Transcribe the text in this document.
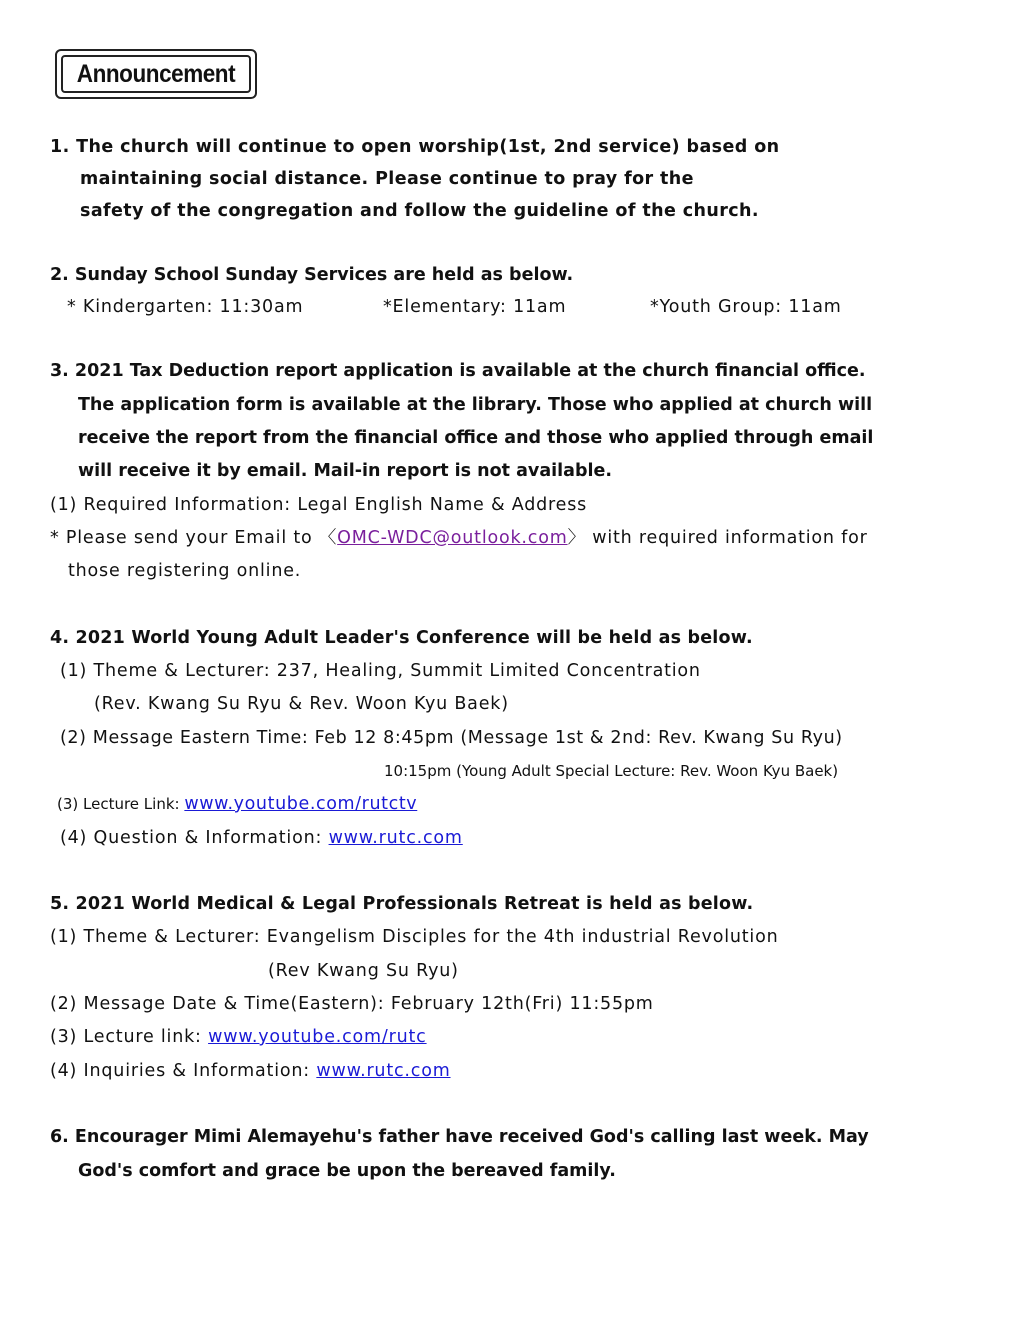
Announcement
1. The church will continue to open worship(1st, 2nd service) based on
maintaining social distance. Please continue to pray for the
safety of the congregation and follow the guideline of the church.
2. Sunday School Sunday Services are held as below.
* Kindergarten: 11:30am	*Elementary: 11am	*Youth Group: 11am
3. 2021 Tax Deduction report application is available at the church financial office.
The application form is available at the library. Those who applied at church will
receive the report from the financial office and those who applied through email
will receive it by email. Mail-in report is not available.
(1) Required Information: Legal English Name & Address
* Please send your Email to 〈OMC-WDC@outlook.com〉 with required information for
those registering online.
4. 2021 World Young Adult Leader's Conference will be held as below.
(1) Theme & Lecturer: 237, Healing, Summit Limited Concentration
(Rev. Kwang Su Ryu & Rev. Woon Kyu Baek)
(2) Message Eastern Time: Feb 12 8:45pm (Message 1st & 2nd: Rev. Kwang Su Ryu)
10:15pm (Young Adult Special Lecture: Rev. Woon Kyu Baek)
(3) Lecture Link: www.youtube.com/rutctv
(4) Question & Information: www.rutc.com
5. 2021 World Medical & Legal Professionals Retreat is held as below.
(1) Theme & Lecturer: Evangelism Disciples for the 4th industrial Revolution
(Rev Kwang Su Ryu)
(2) Message Date & Time(Eastern): February 12th(Fri) 11:55pm
(3) Lecture link: www.youtube.com/rutc
(4) Inquiries & Information: www.rutc.com
6. Encourager Mimi Alemayehu's father have received God's calling last week. May
God's comfort and grace be upon the bereaved family.
